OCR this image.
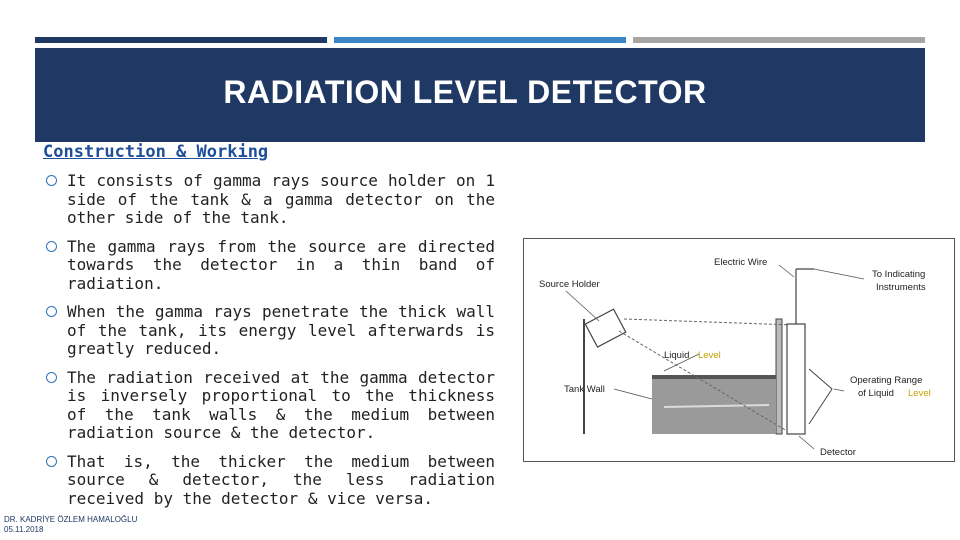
RADIATION LEVEL DETECTOR
Construction & Working
It consists of gamma rays source holder on 1 side of the tank & a gamma detector on the other side of the tank.
The gamma rays from the source are directed towards the detector in a thin band of radiation.
When the gamma rays penetrate the thick wall of the tank, its energy level afterwards is greatly reduced.
The radiation received at the gamma detector is inversely proportional to the thickness of the tank walls & the medium between radiation source & the detector.
That is, the thicker the medium between source & detector, the less radiation received by the detector & vice versa.
Electric Wire
Source Holder
To Indicating
Instruments
Liquid Level
Tank Wall
Operating Range
of Liquid Level
Detector
DR. KADRİYE ÖZLEM HAMALOĞLU
05.11.2018
